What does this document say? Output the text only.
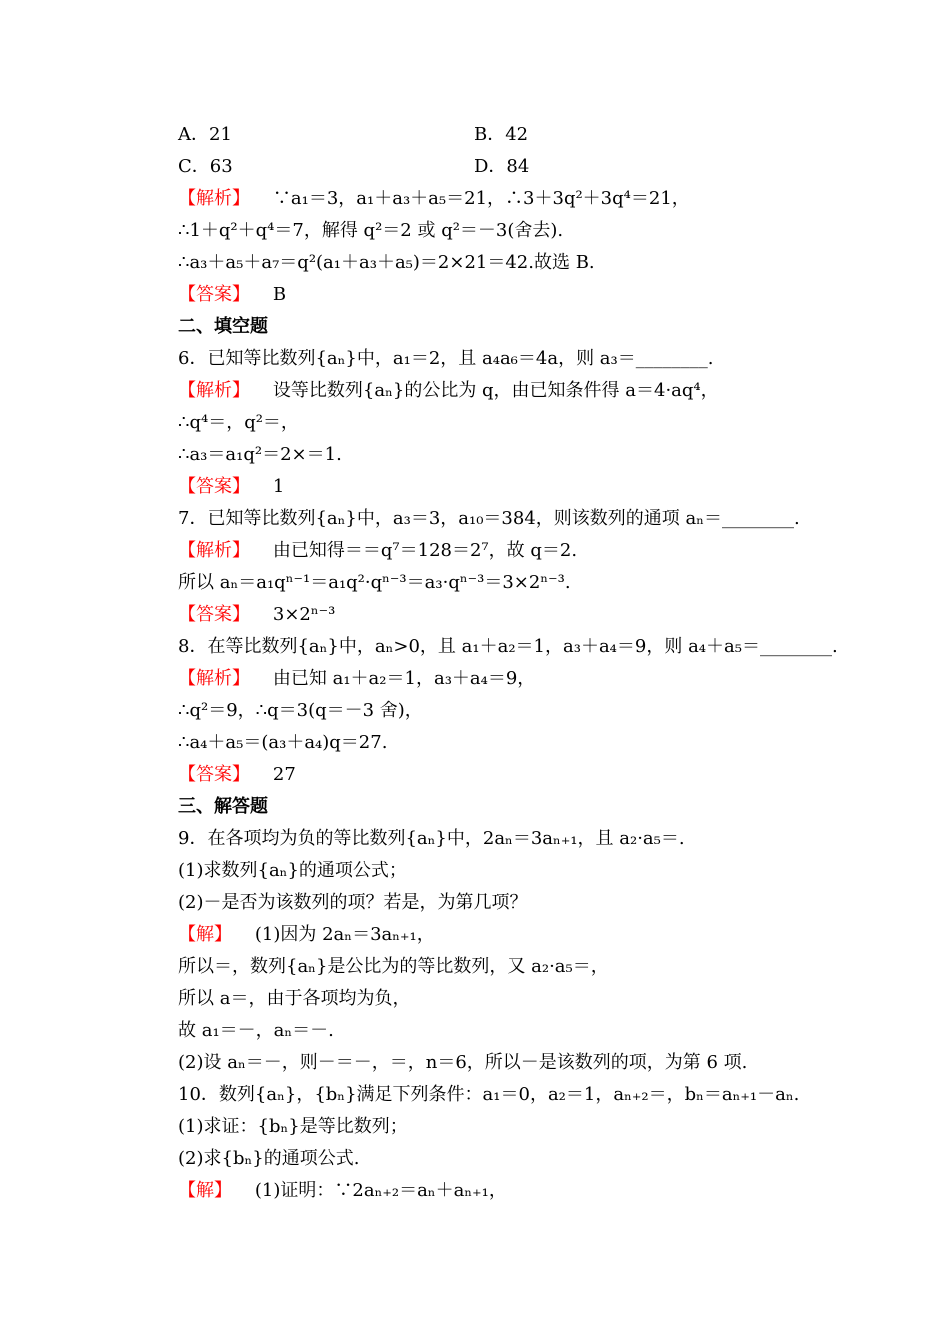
A．21	B．42
C．63	D．84
【解析】 ∵a₁＝3，a₁＋a₃＋a₅＝21，∴3＋3q²＋3q⁴＝21，
∴1＋q²＋q⁴＝7，解得 q²＝2 或 q²＝－3(舍去).
∴a₃＋a₅＋a₇＝q²(a₁＋a₃＋a₅)＝2×21＝42.故选 B.
【答案】 B
二、填空题
6．已知等比数列{aₙ}中，a₁＝2，且 a₄a₆＝4a，则 a₃＝________.
【解析】 设等比数列{aₙ}的公比为 q，由已知条件得 a＝4·aq⁴，
∴q⁴＝，q²＝，
∴a₃＝a₁q²＝2×＝1.
【答案】 1
7．已知等比数列{aₙ}中，a₃＝3，a₁₀＝384，则该数列的通项 aₙ＝________.
【解析】 由已知得＝＝q⁷＝128＝2⁷，故 q＝2.
所以 aₙ＝a₁qⁿ⁻¹＝a₁q²·qⁿ⁻³＝a₃·qⁿ⁻³＝3×2ⁿ⁻³.
【答案】 3×2ⁿ⁻³
8．在等比数列{aₙ}中，aₙ>0，且 a₁＋a₂＝1，a₃＋a₄＝9，则 a₄＋a₅＝________.
【解析】 由已知 a₁＋a₂＝1，a₃＋a₄＝9，
∴q²＝9，∴q＝3(q＝－3 舍)，
∴a₄＋a₅＝(a₃＋a₄)q＝27.
【答案】 27
三、解答题
9．在各项均为负的等比数列{aₙ}中，2aₙ＝3aₙ₊₁，且 a₂·a₅＝.
(1)求数列{aₙ}的通项公式；
(2)－是否为该数列的项？若是，为第几项？
【解】 (1)因为 2aₙ＝3aₙ₊₁，
所以＝，数列{aₙ}是公比为的等比数列，又 a₂·a₅＝，
所以 a＝，由于各项均为负，
故 a₁＝－，aₙ＝－.
(2)设 aₙ＝－，则－＝－，＝，n＝6，所以－是该数列的项，为第 6 项.
10．数列{aₙ}，{bₙ}满足下列条件：a₁＝0，a₂＝1，aₙ₊₂＝，bₙ＝aₙ₊₁－aₙ.
(1)求证：{bₙ}是等比数列；
(2)求{bₙ}的通项公式.
【解】 (1)证明：∵2aₙ₊₂＝aₙ＋aₙ₊₁，
